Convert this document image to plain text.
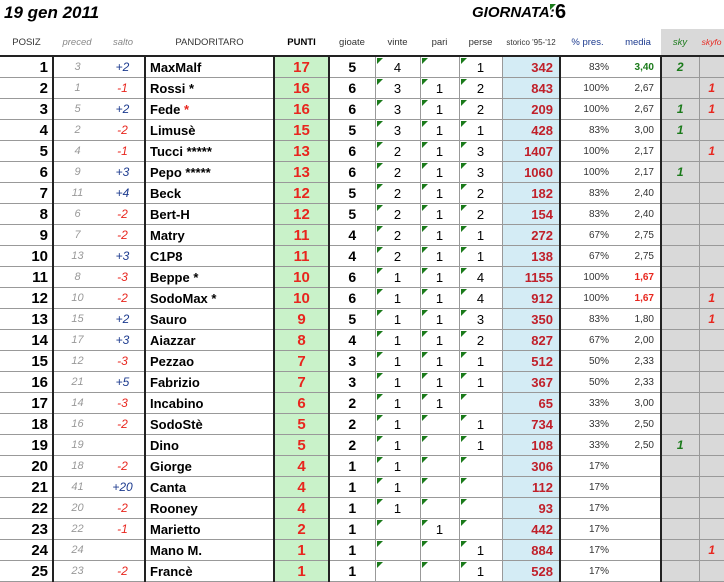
19 gen 2011	GIORNATA: 6
POSIZ	preced	salto	PANDORITARO	PUNTI	gioate	vinte	pari	perse	storico '95-'12	% pres.	media	sky	skyfo
1	3	+2	MaxMalf	17	5	4		1	342	83%	3,40	2	
2	1	-1	Rossi *	16	6	3	1	2	843	100%	2,67		1
3	5	+2	Fede *	16	6	3	1	2	209	100%	2,67	1	1
4	2	-2	Limusè	15	5	3	1	1	428	83%	3,00	1	
5	4	-1	Tucci *****	13	6	2	1	3	1407	100%	2,17		1
6	9	+3	Pepo *****	13	6	2	1	3	1060	100%	2,17	1	
7	11	+4	Beck	12	5	2	1	2	182	83%	2,40		
8	6	-2	Bert-H	12	5	2	1	2	154	83%	2,40		
9	7	-2	Matry	11	4	2	1	1	272	67%	2,75		
10	13	+3	C1P8	11	4	2	1	1	138	67%	2,75		
11	8	-3	Beppe *	10	6	1	1	4	1155	100%	1,67		
12	10	-2	SodoMax *	10	6	1	1	4	912	100%	1,67		1
13	15	+2	Sauro	9	5	1	1	3	350	83%	1,80		1
14	17	+3	Aiazzar	8	4	1	1	2	827	67%	2,00		
15	12	-3	Pezzao	7	3	1	1	1	512	50%	2,33		
16	21	+5	Fabrizio	7	3	1	1	1	367	50%	2,33		
17	14	-3	Incabino	6	2	1	1		65	33%	3,00		
18	16	-2	SodoStè	5	2	1		1	734	33%	2,50		
19	19		Dino	5	2	1		1	108	33%	2,50	1	
20	18	-2	Giorge	4	1	1			306	17%			
21	41	+20	Canta	4	1	1			112	17%			
22	20	-2	Rooney	4	1	1			93	17%			
23	22	-1	Marietto	2	1		1		442	17%			
24	24		Mano M.	1	1			1	884	17%			1
25	23	-2	Francè	1	1			1	528	17%			
